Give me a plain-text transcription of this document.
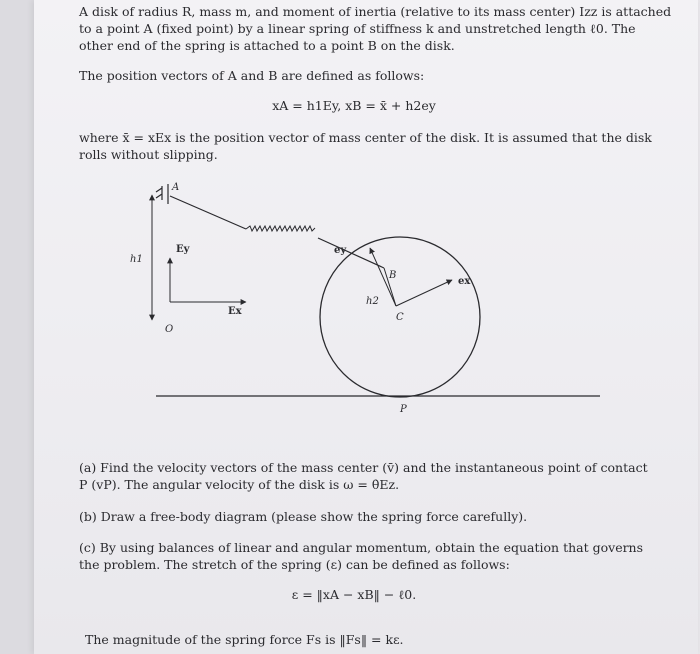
A disk of radius R, mass m, and moment of inertia (relative to its mass center) Izz is attached

to a point A (fixed point) by a linear spring of stiffness k and unstretched length ℓ0. The

other end of the spring is attached to a point B on the disk.

The position vectors of A and B are defined as follows:

xA = h1Ey, xB = x̄ + h2ey

where x̄ = xEx is the position vector of mass center of the disk. It is assumed that the disk

rolls without slipping.

A
h1
Ey
Ex
O
ey
B
ex
h2
C
P

(a) Find the velocity vectors of the mass center (v̄) and the instantaneous point of contact

P (vP). The angular velocity of the disk is ω = θ̇Ez.

(b) Draw a free-body diagram (please show the spring force carefully).

(c) By using balances of linear and angular momentum, obtain the equation that governs

the problem. The stretch of the spring (ε) can be defined as follows:

ε = ‖xA − xB‖ − ℓ0.

The magnitude of the spring force Fs is ‖Fs‖ = kε.
